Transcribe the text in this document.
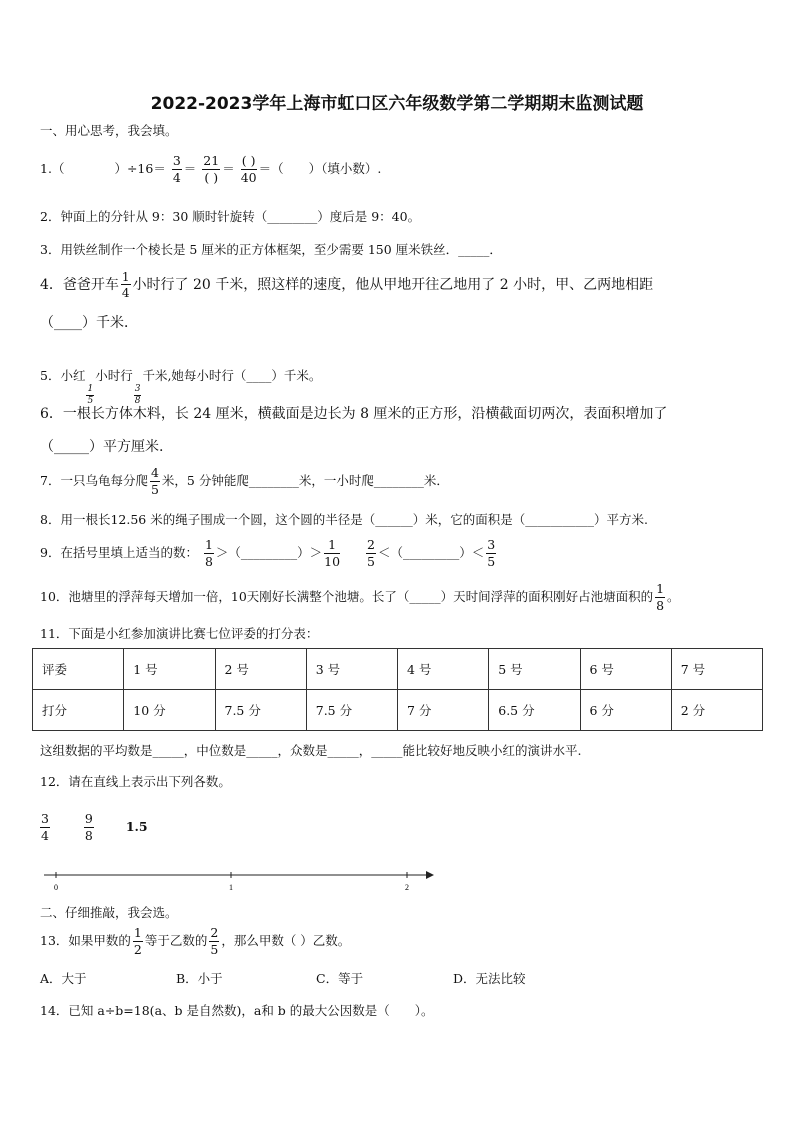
2022-2023学年上海市虹口区六年级数学第二学期期末监测试题
一、用心思考，我会填。
1.（	）$\div 16= \frac{3}{4} = \frac{21}{( )} = \frac{( )}{40}$ ＝（　　）（填小数）.
2．钟面上的分针从 9：30 顺时针旋转（________）度后是 9：40。
3．用铁丝制作一个棱长是 5 厘米的正方体框架，至少需要 150 厘米铁丝．_____．
4．爸爸开车 $\frac{1}{4}$ 小时行了 20 千米，照这样的速度，他从甲地开往乙地用了 2 小时，甲、乙两地相距
（____）千米．
5．小红
$\frac{1}{5}$
小时行
$\frac{3}{8}$
千米,她每小时行（____）千米。
6．一根长方体木料，长 24 厘米，横截面是边长为 8 厘米的正方形，沿横截面切两次，表面积增加了
（_____）平方厘米.
7．一只乌龟每分爬 $\frac{4}{5}$ 米，5 分钟能爬________米，一小时爬________米．
8．用一根长12.56 米的绳子围成一个圆，这个圆的半径是（______）米，它的面积是（___________）平方米.
9．在括号里填上适当的数： $\frac{1}{8}$ ＞（_________）＞ $\frac{1}{10}$
$\frac{2}{5}$ ＜（_________）＜ $\frac{3}{5}$
10．池塘里的浮萍每天增加一倍，10天刚好长满整个池塘。长了（_____）天时间浮萍的面积刚好占池塘面积的 $\frac{1}{8}$ 。
11．下面是小红参加演讲比赛七位评委的打分表：
评委	1 号	2 号	3 号	4 号	5 号	6 号	7 号
打分	10 分	7.5 分	7.5 分	7 分	6.5 分	6 分	2 分
这组数据的平均数是_____，中位数是_____，众数是_____，_____能比较好地反映小红的演讲水平.
12．请在直线上表示出下列各数。
$\frac{3}{4}$
	$\frac{9}{8}$	1.5
0	1	2
二、仔细推敲，我会选。
13．如果甲数的 $\frac{1}{2}$ 等于乙数的 $\frac{2}{5}$ ，那么甲数（ ）乙数。
A．大于	B．小于	C．等于	D．无法比较
14．已知 a÷b=18(a、b 是自然数)，a和 b 的最大公因数是（　　）。
